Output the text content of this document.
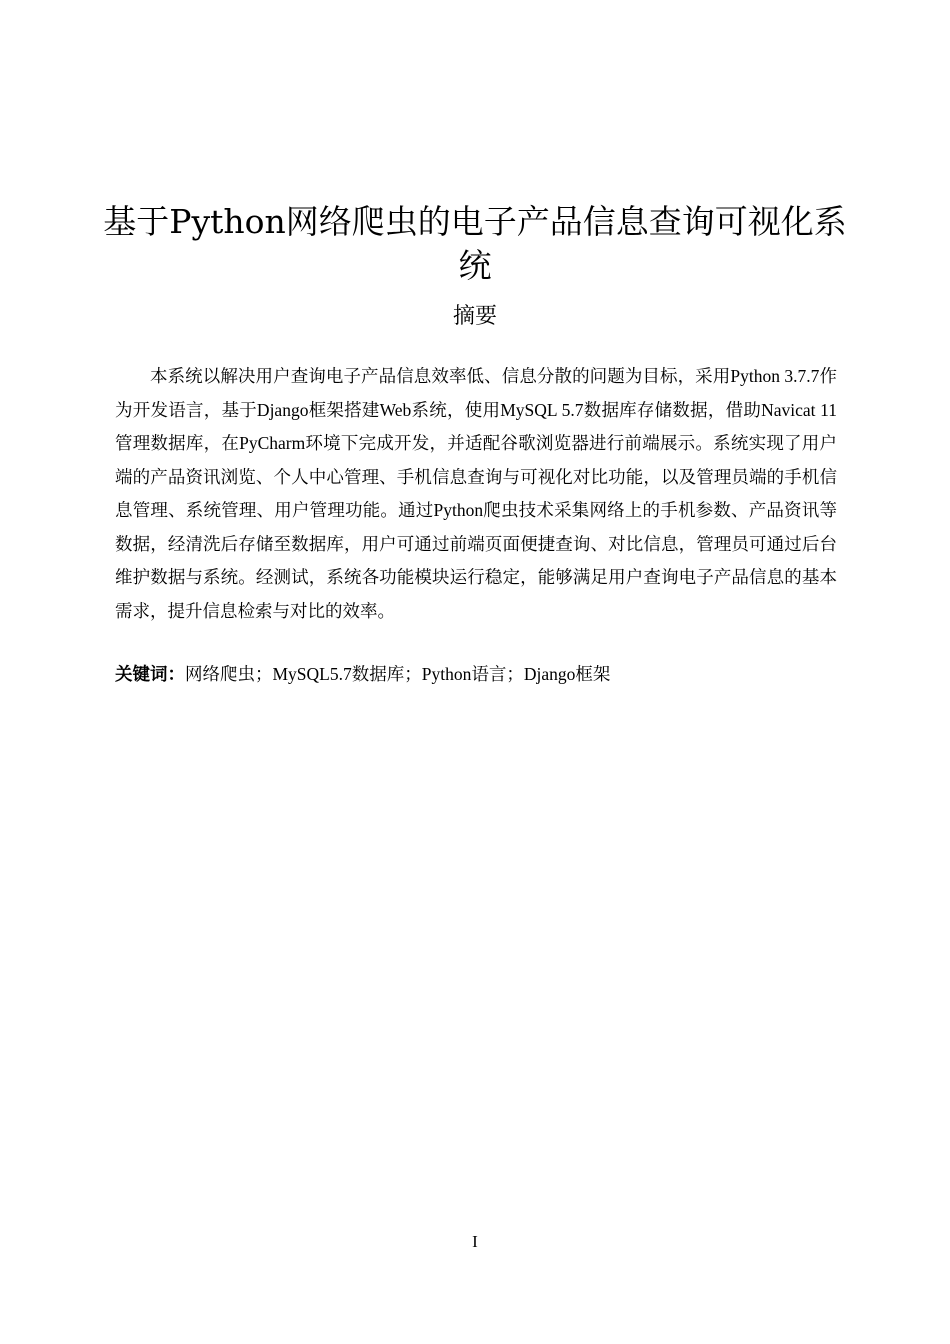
基于Python网络爬虫的电子产品信息查询可视化系统
摘要

本系统以解决用户查询电子产品信息效率低、信息分散的问题为目标，采用Python 3.7.7作为开发语言，基于Django框架搭建Web系统，使用MySQL 5.7数据库存储数据，借助Navicat 11管理数据库，在PyCharm环境下完成开发，并适配谷歌浏览器进行前端展示。系统实现了用户端的产品资讯浏览、个人中心管理、手机信息查询与可视化对比功能，以及管理员端的手机信息管理、系统管理、用户管理功能。通过Python爬虫技术采集网络上的手机参数、产品资讯等数据，经清洗后存储至数据库，用户可通过前端页面便捷查询、对比信息，管理员可通过后台维护数据与系统。经测试，系统各功能模块运行稳定，能够满足用户查询电子产品信息的基本需求，提升信息检索与对比的效率。

关键词：网络爬虫；MySQL5.7数据库；Python语言；Django框架

I
